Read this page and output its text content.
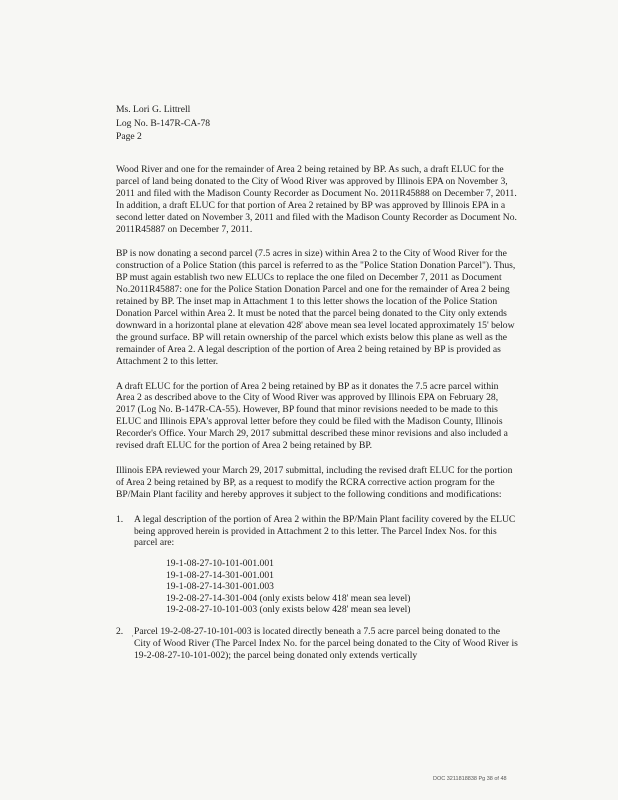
Ms. Lori G. Littrell
Log No. B-147R-CA-78
Page 2

Wood River and one for the remainder of Area 2 being retained by BP. As such, a draft ELUC for the parcel of land being donated to the City of Wood River was approved by Illinois EPA on November 3, 2011 and filed with the Madison County Recorder as Document No. 2011R45888 on December 7, 2011. In addition, a draft ELUC for that portion of Area 2 retained by BP was approved by Illinois EPA in a second letter dated on November 3, 2011 and filed with the Madison County Recorder as Document No. 2011R45887 on December 7, 2011.

BP is now donating a second parcel (7.5 acres in size) within Area 2 to the City of Wood River for the construction of a Police Station (this parcel is referred to as the "Police Station Donation Parcel"). Thus, BP must again establish two new ELUCs to replace the one filed on December 7, 2011 as Document No.2011R45887: one for the Police Station Donation Parcel and one for the remainder of Area 2 being retained by BP. The inset map in Attachment 1 to this letter shows the location of the Police Station Donation Parcel within Area 2. It must be noted that the parcel being donated to the City only extends downward in a horizontal plane at elevation 428' above mean sea level located approximately 15' below the ground surface. BP will retain ownership of the parcel which exists below this plane as well as the remainder of Area 2. A legal description of the portion of Area 2 being retained by BP is provided as Attachment 2 to this letter.

A draft ELUC for the portion of Area 2 being retained by BP as it donates the 7.5 acre parcel within Area 2 as described above to the City of Wood River was approved by Illinois EPA on February 28, 2017 (Log No. B-147R-CA-55). However, BP found that minor revisions needed to be made to this ELUC and Illinois EPA's approval letter before they could be filed with the Madison County, Illinois Recorder's Office. Your March 29, 2017 submittal described these minor revisions and also included a revised draft ELUC for the portion of Area 2 being retained by BP.

Illinois EPA reviewed your March 29, 2017 submittal, including the revised draft ELUC for the portion of Area 2 being retained by BP, as a request to modify the RCRA corrective action program for the BP/Main Plant facility and hereby approves it subject to the following conditions and modifications:

1. A legal description of the portion of Area 2 within the BP/Main Plant facility covered by the ELUC being approved herein is provided in Attachment 2 to this letter. The Parcel Index Nos. for this parcel are:
19-1-08-27-10-101-001.001
19-1-08-27-14-301-001.001
19-1-08-27-14-301-001.003
19-2-08-27-14-301-004 (only exists below 418' mean sea level)
19-2-08-27-10-101-003 (only exists below 428' mean sea level)
2. Parcel 19-2-08-27-10-101-003 is located directly beneath a 7.5 acre parcel being donated to the City of Wood River (The Parcel Index No. for the parcel being donated to the City of Wood River is 19-2-08-27-10-101-002); the parcel being donated only extends vertically
·
DOC 3211818838 Pg 38 of 48
